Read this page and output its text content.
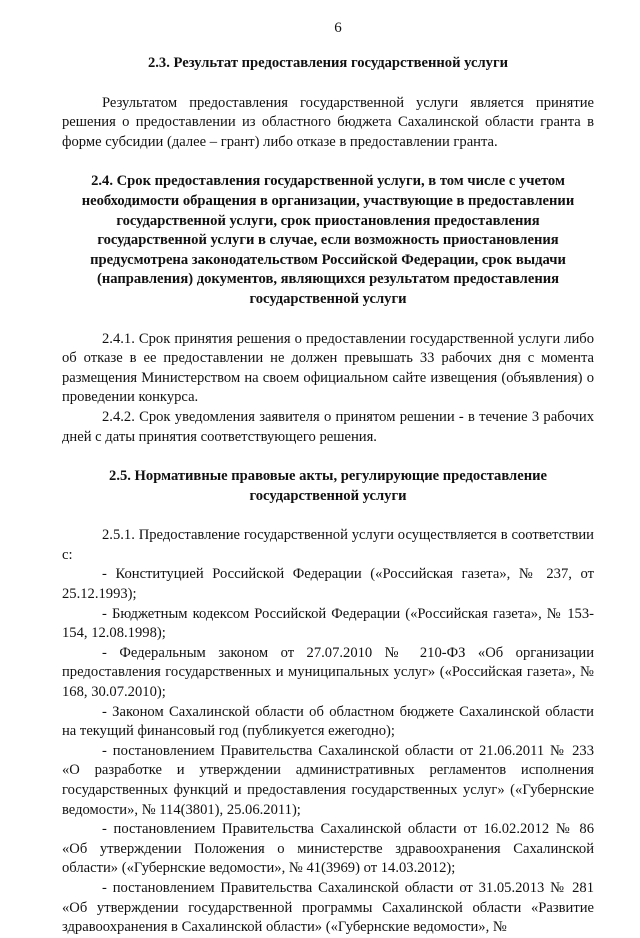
6

2.3. Результат предоставления государственной услуги

Результатом предоставления государственной услуги является принятие решения о предоставлении из областного бюджета Сахалинской области гранта в форме субсидии (далее – грант) либо отказе в предоставлении гранта.

2.4. Срок предоставления государственной услуги, в том числе с учетом необходимости обращения в организации, участвующие в предоставлении государственной услуги, срок приостановления предоставления государственной услуги в случае, если возможность приостановления предусмотрена законодательством Российской Федерации, срок выдачи (направления) документов, являющихся результатом предоставления государственной услуги

2.4.1. Срок принятия решения о предоставлении государственной услуги либо об отказе в ее предоставлении не должен превышать 33 рабочих дня с момента размещения Министерством на своем официальном сайте извещения (объявления) о проведении конкурса.

2.4.2. Срок уведомления заявителя о принятом решении - в течение 3 рабочих дней с даты принятия соответствующего решения.

2.5. Нормативные правовые акты, регулирующие предоставление государственной услуги

2.5.1. Предоставление государственной услуги осуществляется в соответствии с:

- Конституцией Российской Федерации («Российская газета», № 237, от 25.12.1993);

- Бюджетным кодексом Российской Федерации («Российская газета», № 153-154, 12.08.1998);

- Федеральным законом от 27.07.2010 № 210-ФЗ «Об организации предоставления государственных и муниципальных услуг» («Российская газета», № 168, 30.07.2010);

- Законом Сахалинской области об областном бюджете Сахалинской области на текущий финансовый год (публикуется ежегодно);

- постановлением Правительства Сахалинской области от 21.06.2011 № 233 «О разработке и утверждении административных регламентов исполнения государственных функций и предоставления государственных услуг» («Губернские ведомости», № 114(3801), 25.06.2011);

- постановлением Правительства Сахалинской области от 16.02.2012 № 86 «Об утверждении Положения о министерстве здравоохранения Сахалинской области» («Губернские ведомости», № 41(3969) от 14.03.2012);

- постановлением Правительства Сахалинской области от 31.05.2013 № 281 «Об утверждении государственной программы Сахалинской области «Развитие здравоохранения в Сахалинской области» («Губернские ведомости», №
